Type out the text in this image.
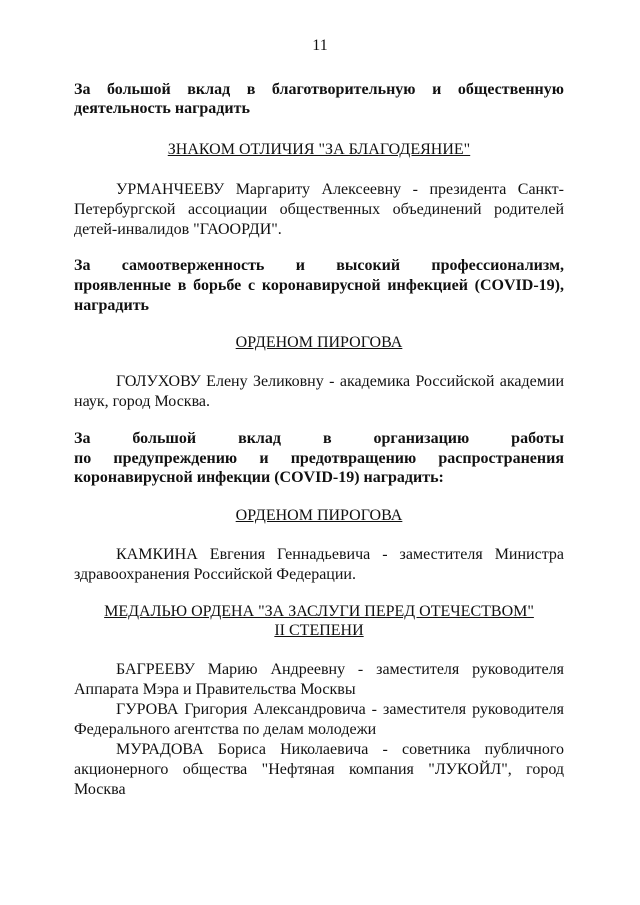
11
За большой вклад в благотворительную и общественную
деятельность наградить
ЗНАКОМ ОТЛИЧИЯ "ЗА БЛАГОДЕЯНИЕ"
УРМАНЧЕЕВУ Маргариту Алексеевну - президента Санкт-Петербургской ассоциации общественных объединений родителей детей-инвалидов "ГАООРДИ".
За самоотверженность и высокий профессионализм,
проявленные в борьбе с коронавирусной инфекцией (COVID-19),
наградить
ОРДЕНОМ ПИРОГОВА
ГОЛУХОВУ Елену Зеликовну - академика Российской академии наук, город Москва.
За большой вклад в организацию работы
по предупреждению и предотвращению распространения
коронавирусной инфекции (COVID-19) наградить:
ОРДЕНОМ ПИРОГОВА
КАМКИНА Евгения Геннадьевича - заместителя Министра здравоохранения Российской Федерации.
МЕДАЛЬЮ ОРДЕНА "ЗА ЗАСЛУГИ ПЕРЕД ОТЕЧЕСТВОМ"
II СТЕПЕНИ
БАГРЕЕВУ Марию Андреевну - заместителя руководителя Аппарата Мэра и Правительства Москвы
ГУРОВА Григория Александровича - заместителя руководителя Федерального агентства по делам молодежи
МУРАДОВА Бориса Николаевича - советника публичного акционерного общества "Нефтяная компания "ЛУКОЙЛ", город Москва
